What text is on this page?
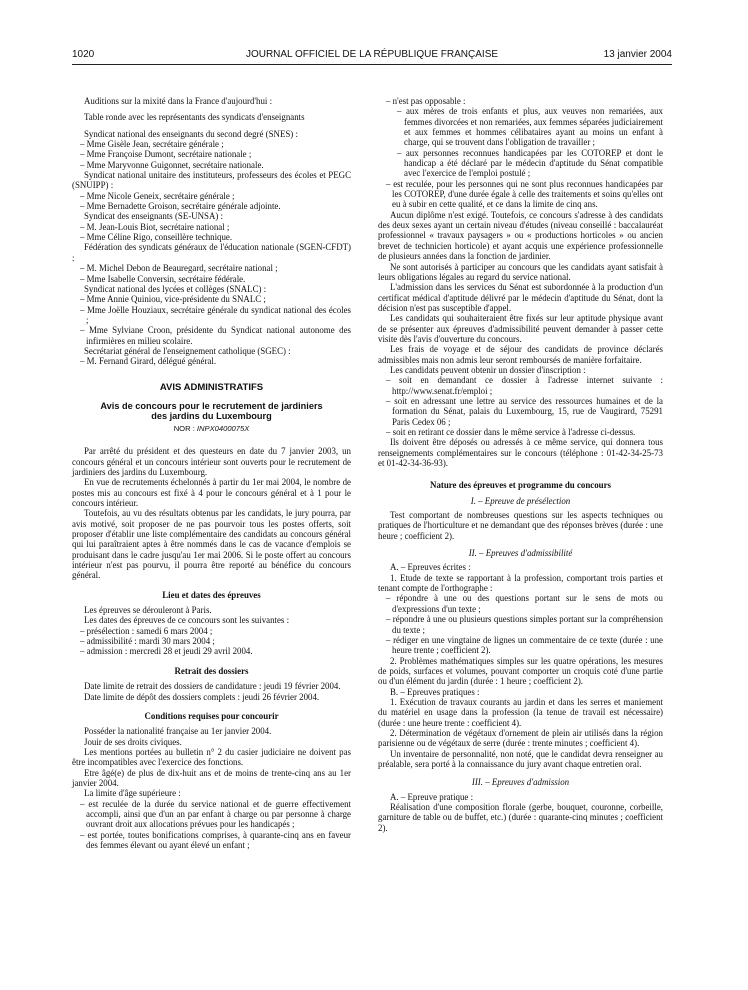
1020	JOURNAL OFFICIEL DE LA RÉPUBLIQUE FRANÇAISE	13 janvier 2004

Auditions sur la mixité dans la France d'aujourd'hui :

Table ronde avec les représentants des syndicats d'enseignants

Syndicat national des enseignants du second degré (SNES) :

– Mme Gisèle Jean, secrétaire générale ;

– Mme Françoise Dumont, secrétaire nationale ;

– Mme Maryvonne Guigonnet, secrétaire nationale.

Syndicat national unitaire des instituteurs, professeurs des écoles et PEGC (SNUIPP) :

– Mme Nicole Geneix, secrétaire générale ;

– Mme Bernadette Groison, secrétaire générale adjointe.

Syndicat des enseignants (SE-UNSA) :

– M. Jean-Louis Biot, secrétaire national ;

– Mme Céline Rigo, conseillère technique.

Fédération des syndicats généraux de l'éducation nationale (SGEN-CFDT) :

– M. Michel Debon de Beauregard, secrétaire national ;

– Mme Isabelle Conversin, secrétaire fédérale.

Syndicat national des lycées et collèges (SNALC) :

– Mme Annie Quiniou, vice-présidente du SNALC ;

– Mme Joëlle Houziaux, secrétaire générale du syndicat national des écoles ;

– Mme Sylviane Croon, présidente du Syndicat national autonome des infirmières en milieu scolaire.

Secrétariat général de l'enseignement catholique (SGEC) :

– M. Fernand Girard, délégué général.

AVIS ADMINISTRATIFS

Avis de concours pour le recrutement de jardiniers des jardins du Luxembourg

NOR : INPX0400075X

Par arrêté du président et des questeurs en date du 7 janvier 2003, un concours général et un concours intérieur sont ouverts pour le recrutement de jardiniers des jardins du Luxembourg.

En vue de recrutements échelonnés à partir du 1er mai 2004, le nombre de postes mis au concours est fixé à 4 pour le concours général et à 1 pour le concours intérieur.

Toutefois, au vu des résultats obtenus par les candidats, le jury pourra, par avis motivé, soit proposer de ne pas pourvoir tous les postes offerts, soit proposer d'établir une liste complémentaire des candidats au concours général qui lui paraîtraient aptes à être nommés dans le cas de vacance d'emplois se produisant dans le cadre jusqu'au 1er mai 2006. Si le poste offert au concours intérieur n'est pas pourvu, il pourra être reporté au bénéfice du concours général.

Lieu et dates des épreuves

Les épreuves se dérouleront à Paris.

Les dates des épreuves de ce concours sont les suivantes :

– présélection : samedi 6 mars 2004 ;

– admissibilité : mardi 30 mars 2004 ;

– admission : mercredi 28 et jeudi 29 avril 2004.

Retrait des dossiers

Date limite de retrait des dossiers de candidature : jeudi 19 février 2004.

Date limite de dépôt des dossiers complets : jeudi 26 février 2004.

Conditions requises pour concourir

Posséder la nationalité française au 1er janvier 2004.

Jouir de ses droits civiques.

Les mentions portées au bulletin n° 2 du casier judiciaire ne doivent pas être incompatibles avec l'exercice des fonctions.

Etre âgé(e) de plus de dix-huit ans et de moins de trente-cinq ans au 1er janvier 2004.

La limite d'âge supérieure :

– est reculée de la durée du service national et de guerre effectivement accompli, ainsi que d'un an par enfant à charge ou par personne à charge ouvrant droit aux allocations prévues pour les handicapés ;

– est portée, toutes bonifications comprises, à quarante-cinq ans en faveur des femmes élevant ou ayant élevé un enfant ;

– n'est pas opposable :

– aux mères de trois enfants et plus, aux veuves non remariées, aux femmes divorcées et non remariées, aux femmes séparées judiciairement et aux femmes et hommes célibataires ayant au moins un enfant à charge, qui se trouvent dans l'obligation de travailler ;

– aux personnes reconnues handicapées par les COTOREP et dont le handicap a été déclaré par le médecin d'aptitude du Sénat compatible avec l'exercice de l'emploi postulé ;

– est reculée, pour les personnes qui ne sont plus reconnues handicapées par les COTOREP, d'une durée égale à celle des traitements et soins qu'elles ont eu à subir en cette qualité, et ce dans la limite de cinq ans.

Aucun diplôme n'est exigé. Toutefois, ce concours s'adresse à des candidats des deux sexes ayant un certain niveau d'études (niveau conseillé : baccalauréat professionnel « travaux paysagers » ou « productions horticoles » ou ancien brevet de technicien horticole) et ayant acquis une expérience professionnelle de plusieurs années dans la fonction de jardinier.

Ne sont autorisés à participer au concours que les candidats ayant satisfait à leurs obligations légales au regard du service national.

L'admission dans les services du Sénat est subordonnée à la production d'un certificat médical d'aptitude délivré par le médecin d'aptitude du Sénat, dont la décision n'est pas susceptible d'appel.

Les candidats qui souhaiteraient être fixés sur leur aptitude physique avant de se présenter aux épreuves d'admissibilité peuvent demander à passer cette visite dès l'avis d'ouverture du concours.

Les frais de voyage et de séjour des candidats de province déclarés admissibles mais non admis leur seront remboursés de manière forfaitaire.

Les candidats peuvent obtenir un dossier d'inscription :

– soit en demandant ce dossier à l'adresse internet suivante : http://www.senat.fr/emploi ;

– soit en adressant une lettre au service des ressources humaines et de la formation du Sénat, palais du Luxembourg, 15, rue de Vaugirard, 75291 Paris Cedex 06 ;

– soit en retirant ce dossier dans le même service à l'adresse ci-dessus.

Ils doivent être déposés ou adressés à ce même service, qui donnera tous renseignements complémentaires sur le concours (téléphone : 01-42-34-25-73 et 01-42-34-36-93).

Nature des épreuves et programme du concours

I. – Epreuve de présélection

Test comportant de nombreuses questions sur les aspects techniques ou pratiques de l'horticulture et ne demandant que des réponses brèves (durée : une heure ; coefficient 2).

II. – Epreuves d'admissibilité

A. – Epreuves écrites :

1. Etude de texte se rapportant à la profession, comportant trois parties et tenant compte de l'orthographe :

– répondre à une ou des questions portant sur le sens de mots ou d'expressions d'un texte ;

– répondre à une ou plusieurs questions simples portant sur la compréhension du texte ;

– rédiger en une vingtaine de lignes un commentaire de ce texte (durée : une heure trente ; coefficient 2).

2. Problèmes mathématiques simples sur les quatre opérations, les mesures de poids, surfaces et volumes, pouvant comporter un croquis coté d'une partie ou d'un élément du jardin (durée : 1 heure ; coefficient 2).

B. – Epreuves pratiques :

1. Exécution de travaux courants au jardin et dans les serres et maniement du matériel en usage dans la profession (la tenue de travail est nécessaire) (durée : une heure trente : coefficient 4).

2. Détermination de végétaux d'ornement de plein air utilisés dans la région parisienne ou de végétaux de serre (durée : trente minutes ; coefficient 4).

Un inventaire de personnalité, non noté, que le candidat devra renseigner au préalable, sera porté à la connaissance du jury avant chaque entretien oral.

III. – Epreuves d'admission

A. – Epreuve pratique :

Réalisation d'une composition florale (gerbe, bouquet, couronne, corbeille, garniture de table ou de buffet, etc.) (durée : quarante-cinq minutes ; coefficient 2).
